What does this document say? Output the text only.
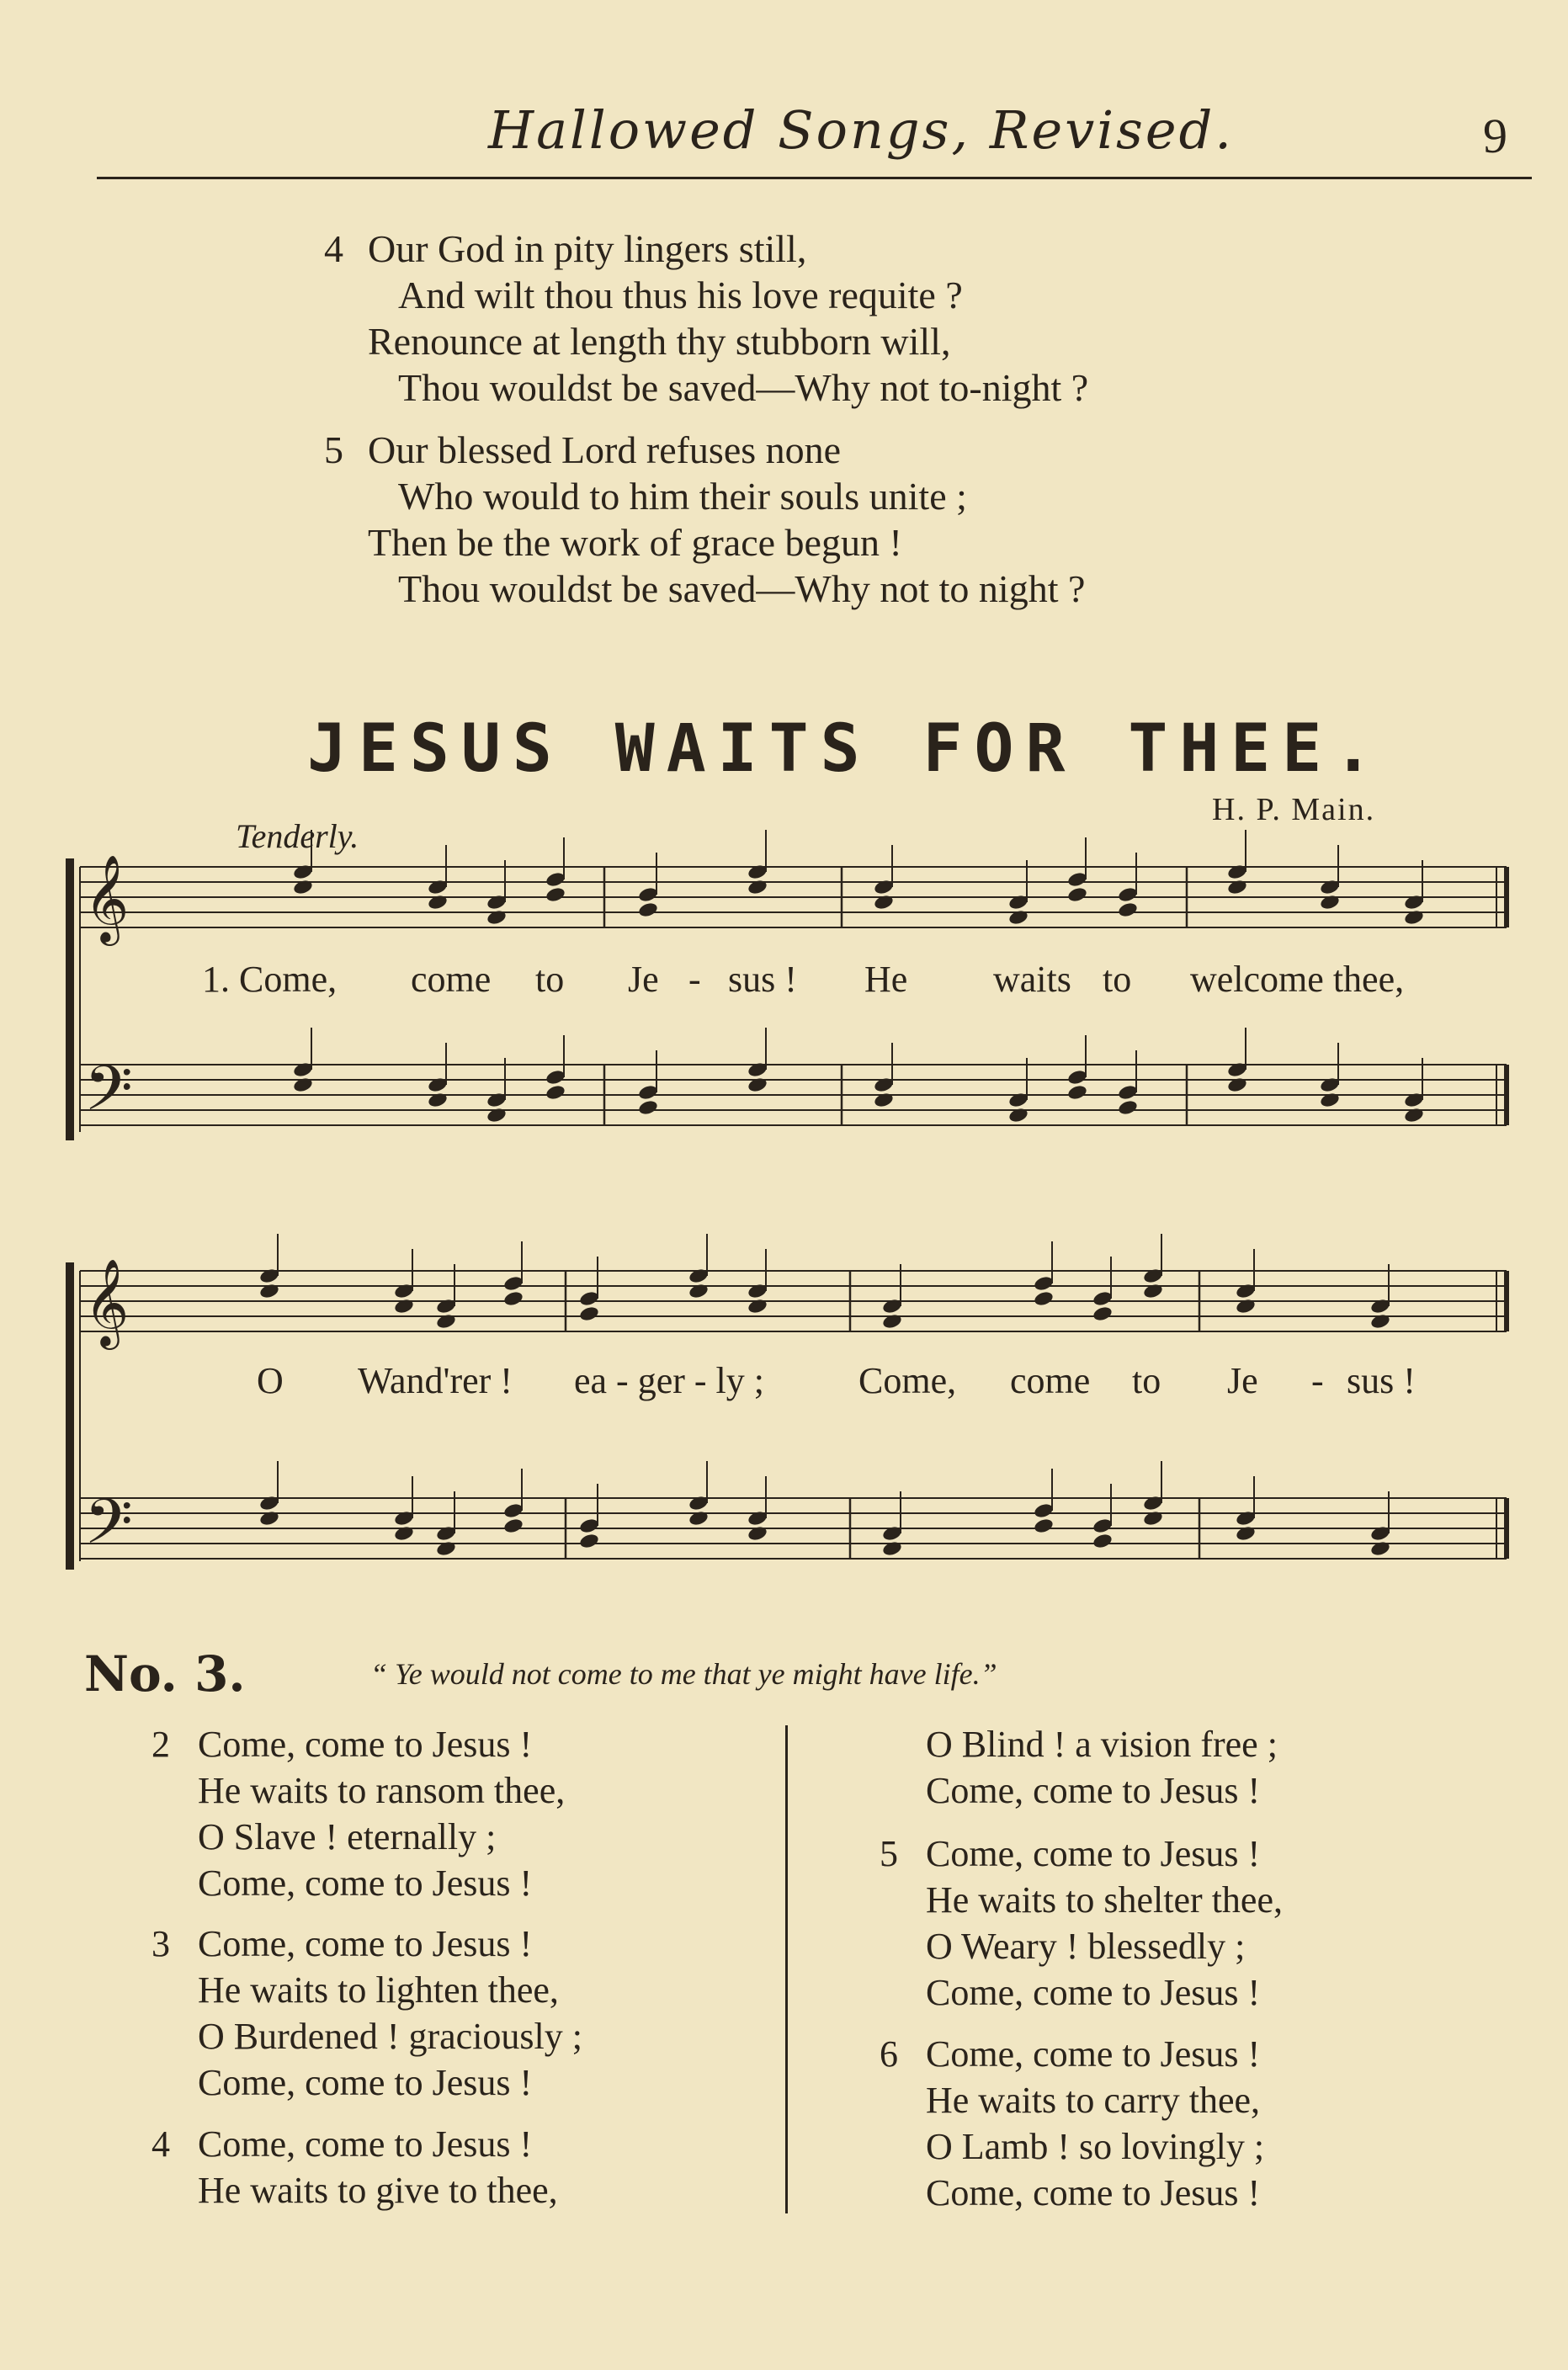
Hallowed Songs, Revised.	9
4 Our God in pity lingers still,
And wilt thou thus his love requite ?
Renounce at length thy stubborn will,
Thou wouldst be saved—Why not to-night ?
5 Our blessed Lord refuses none
Who would to him their souls unite ;
Then be the work of grace begun !
Thou wouldst be saved—Why not to night ?
JESUS WAITS FOR THEE.
H. P. Main.
Tenderly.
𝄞
𝄞
𝄢
𝄢
1. Come, come to Je - sus ! He waits to welcome thee,
O Wand'rer ! ea - ger - ly ;	Come, come to Je - sus !
No. 3.	“ Ye would not come to me that ye might have life.”
2 Come, come to Jesus !
He waits to ransom thee,
O Slave ! eternally ;
Come, come to Jesus !
3 Come, come to Jesus !
He waits to lighten thee,
O Burdened ! graciously ;
Come, come to Jesus !
4 Come, come to Jesus !
He waits to give to thee,
O Blind ! a vision free ;
Come, come to Jesus !
5 Come, come to Jesus !
He waits to shelter thee,
O Weary ! blessedly ;
Come, come to Jesus !
6 Come, come to Jesus !
He waits to carry thee,
O Lamb ! so lovingly ;
Come, come to Jesus !
